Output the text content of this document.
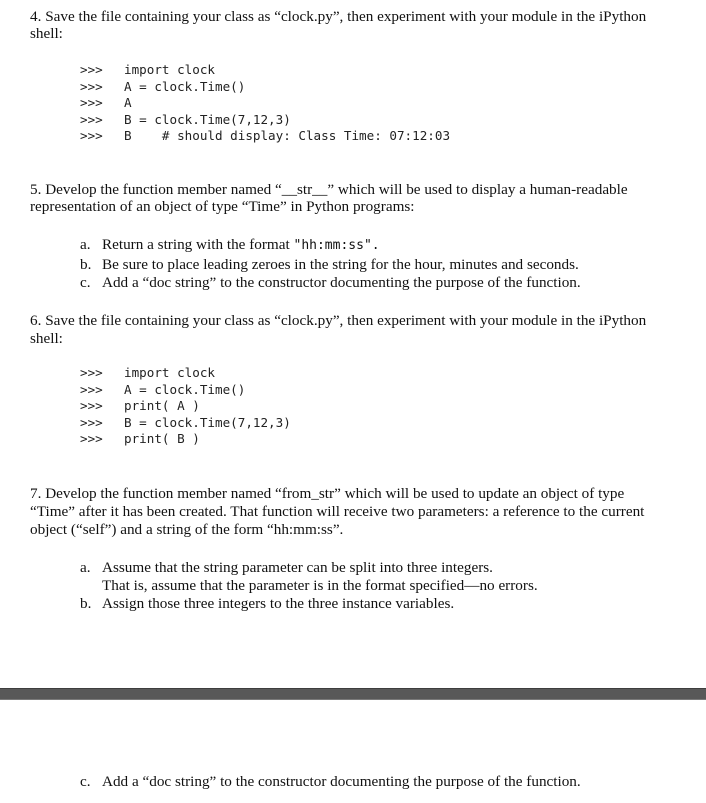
4. Save the file containing your class as “clock.py”, then experiment with your module in the iPython
shell:
>>> import clock
>>> A = clock.Time()
>>> A
>>> B = clock.Time(7,12,3)
>>> B    # should display: Class Time: 07:12:03
5. Develop the function member named “__str__” which will be used to display a human-readable
representation of an object of type “Time” in Python programs:
a. Return a string with the format "hh:mm:ss".
b. Be sure to place leading zeroes in the string for the hour, minutes and seconds.
c. Add a “doc string” to the constructor documenting the purpose of the function.
6. Save the file containing your class as “clock.py”, then experiment with your module in the iPython
shell:
>>> import clock
>>> A = clock.Time()
>>> print( A )
>>> B = clock.Time(7,12,3)
>>> print( B )
7. Develop the function member named “from_str” which will be used to update an object of type
“Time” after it has been created. That function will receive two parameters: a reference to the current
object (“self”) and a string of the form “hh:mm:ss”.
a. Assume that the string parameter can be split into three integers.
That is, assume that the parameter is in the format specified—no errors.
b. Assign those three integers to the three instance variables.
c. Add a “doc string” to the constructor documenting the purpose of the function.
